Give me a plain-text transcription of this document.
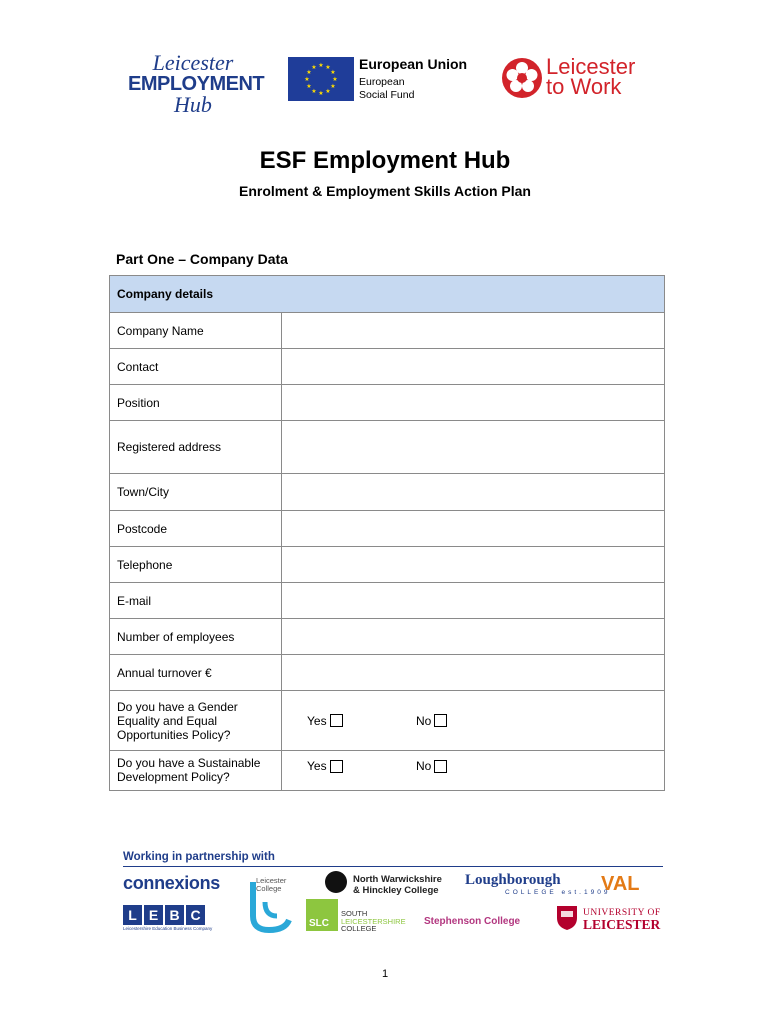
Leicester
EMPLOYMENT
Hub
★ ★
★
★
★
★
★
★
★
★
★
★	European Union
European
Social Fund
Leicester
to Work
ESF Employment Hub
Enrolment & Employment Skills Action Plan
Part One – Company Data
Company details	
Company Name	
Contact	
Position	
Registered address	
Town/City	
Postcode	
Telephone	
E-mail	
Number of employees	
Annual turnover €	
Do you have a Gender Equality and Equal Opportunities Policy?	Yes No

Do you have a Sustainable Development Policy?	Yes No
Working in partnership with
connexions	Leicester
College
North Warwickshire
& Hinckley College
Loughborough
COLLEGE est.1909
VAL
L E B C
Leicestershire Education Business Company	SLC
SOUTH
LEICESTERSHIRE
COLLEGE
Stephenson College
UNIVERSITY OF
LEICESTER
1
